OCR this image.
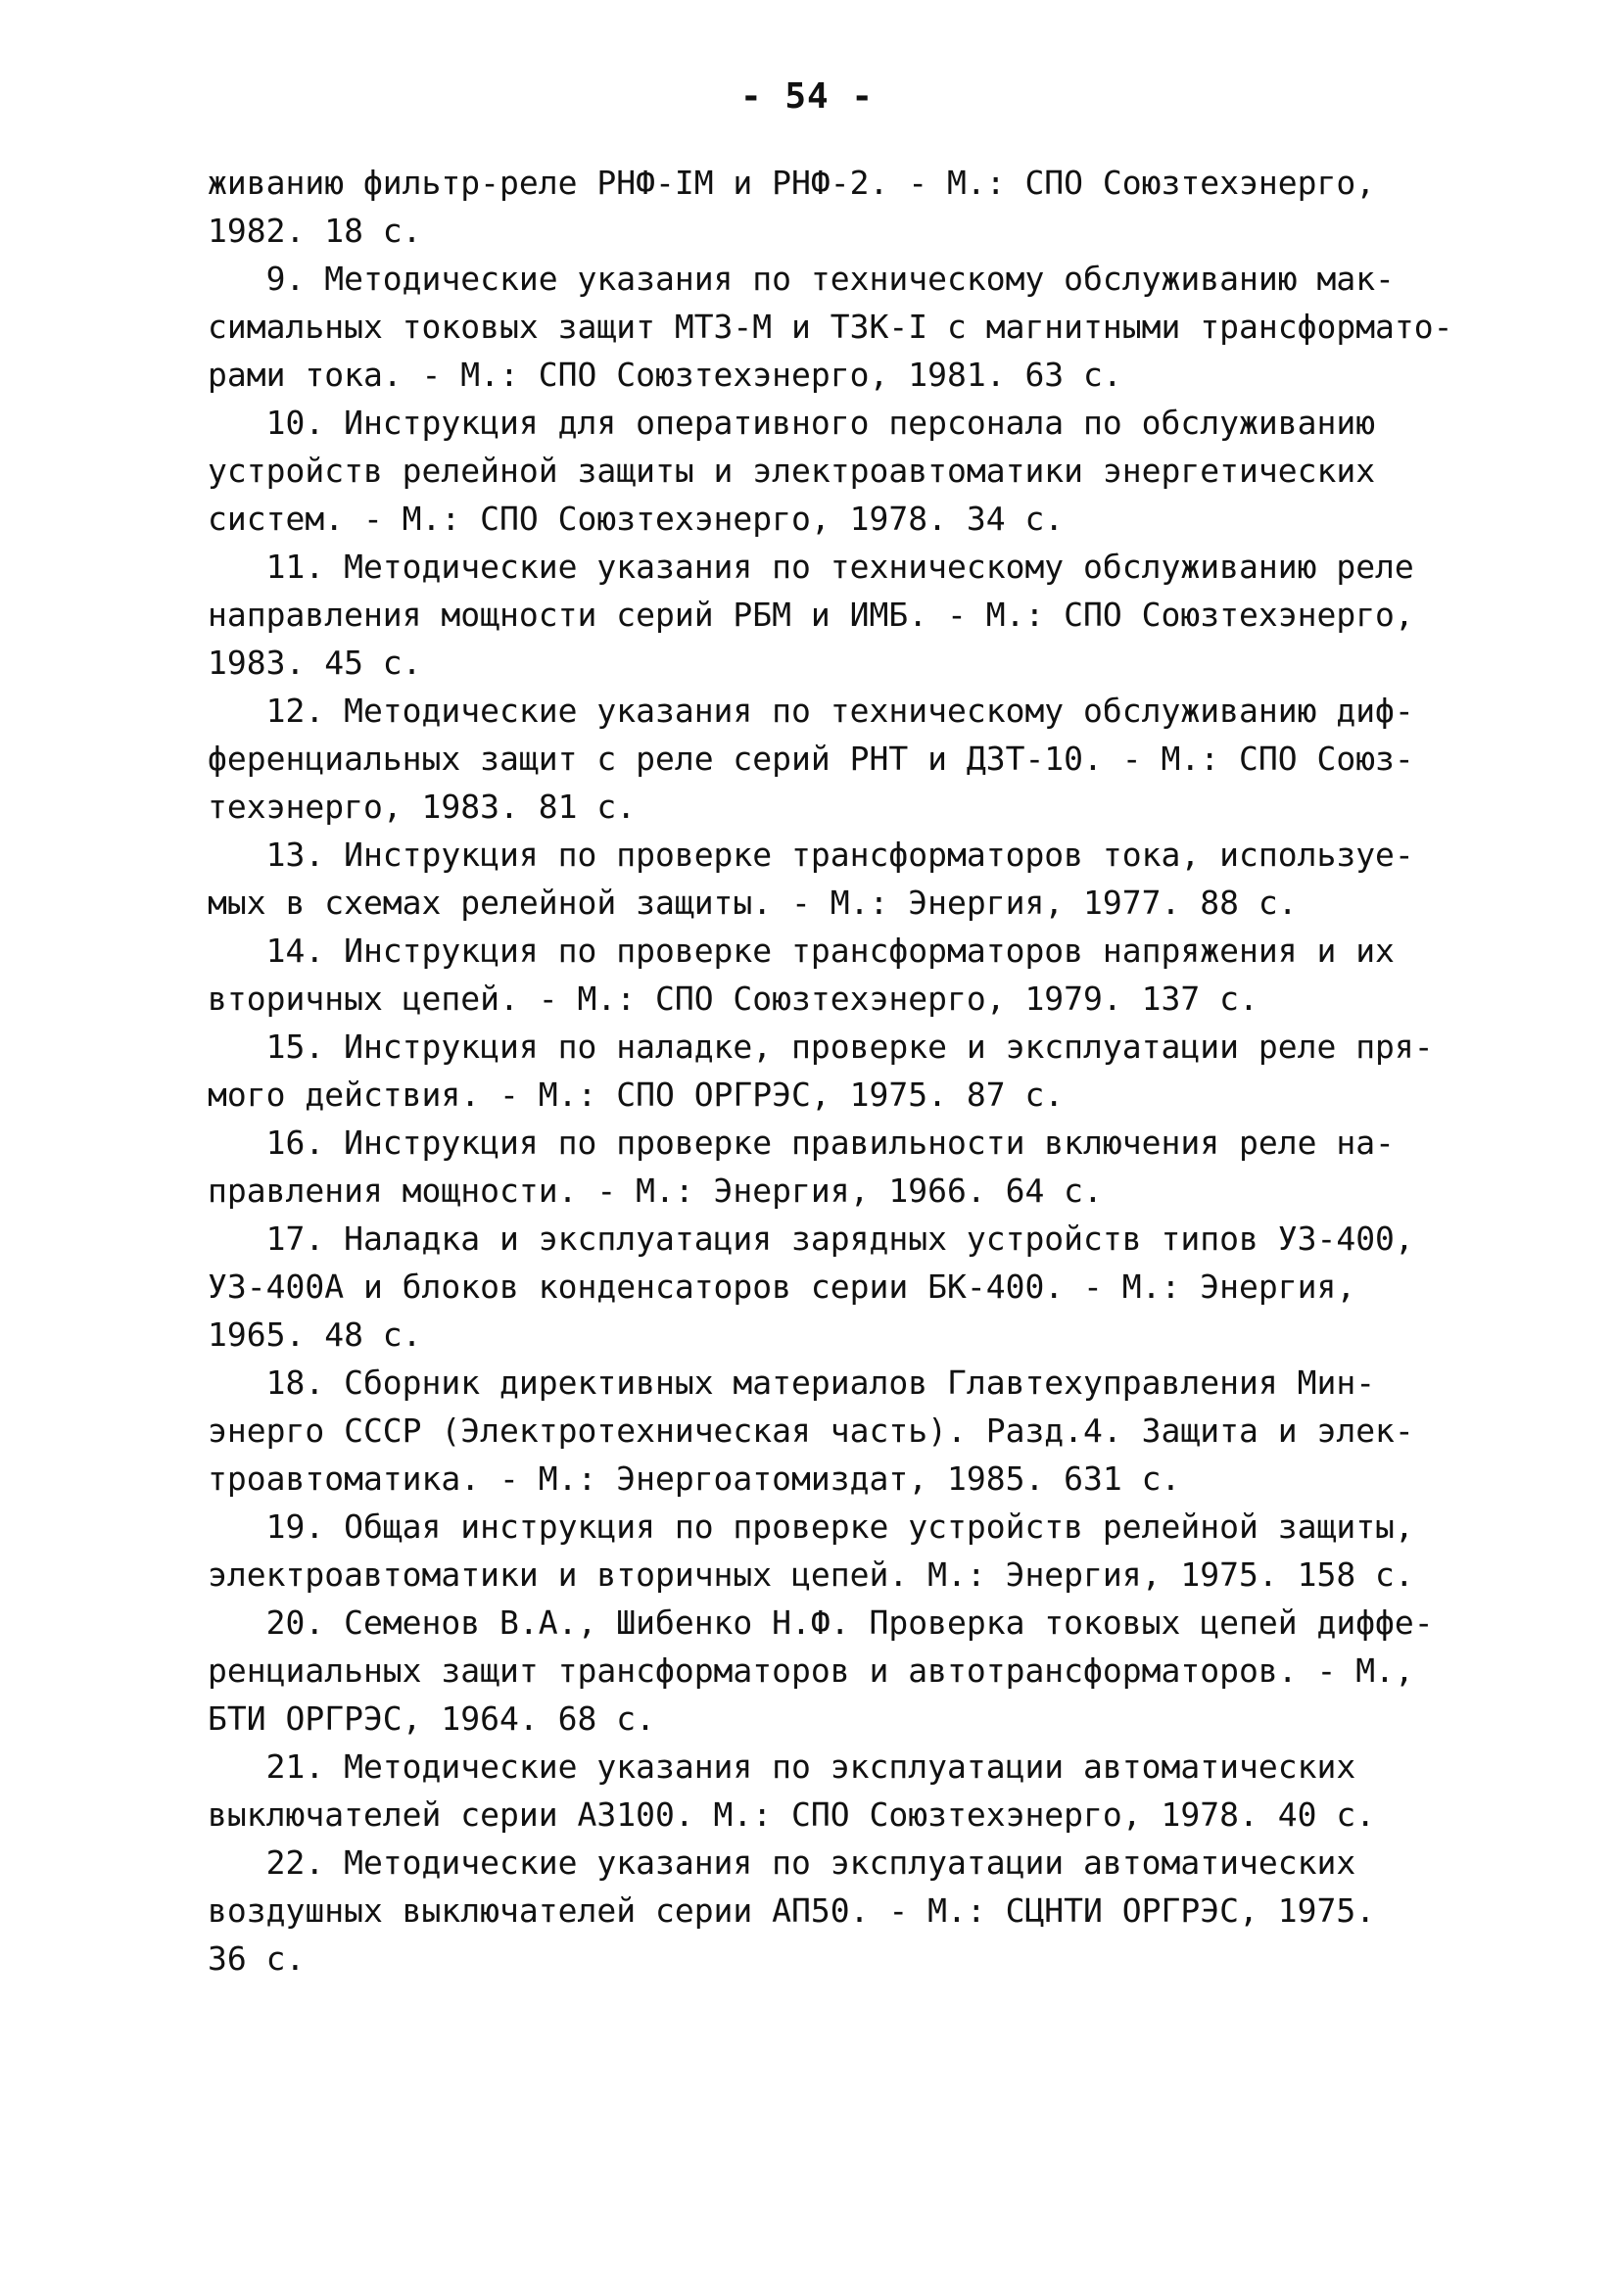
- 54 -
живанию фильтр-реле РНФ-IМ и РНФ-2. - М.: СПО Союзтехэнерго,
1982. 18 с.
9. Методические указания по техническому обслуживанию мак-
симальных токовых защит МТЗ-М и ТЗК-I с магнитными трансформато-
рами тока. - М.: СПО Союзтехэнерго, 1981. 63 с.
10. Инструкция для оперативного персонала по обслуживанию
устройств релейной защиты и электроавтоматики энергетических
систем. - М.: СПО Союзтехэнерго, 1978. 34 с.
11. Методические указания по техническому обслуживанию реле
направления мощности серий РБМ и ИМБ. - М.: СПО Союзтехэнерго,
1983. 45 с.
12. Методические указания по техническому обслуживанию диф-
ференциальных защит с реле серий РНТ и ДЗТ-10. - М.: СПО Союз-
техэнерго, 1983. 81 с.
13. Инструкция по проверке трансформаторов тока, используе-
мых в схемах релейной защиты. - М.: Энергия, 1977. 88 с.
14. Инструкция по проверке трансформаторов напряжения и их
вторичных цепей. - М.: СПО Союзтехэнерго, 1979. 137 с.
15. Инструкция по наладке, проверке и эксплуатации реле пря-
мого действия. - М.: СПО ОРГРЭС, 1975. 87 с.
16. Инструкция по проверке правильности включения реле на-
правления мощности. - М.: Энергия, 1966. 64 с.
17. Наладка и эксплуатация зарядных устройств типов УЗ-400,
УЗ-400А и блоков конденсаторов серии БК-400. - М.: Энергия,
1965. 48 с.
18. Сборник директивных материалов Главтехуправления Мин-
энерго СССР (Электротехническая часть). Разд.4. Защита и элек-
троавтоматика. - М.: Энергоатомиздат, 1985. 631 с.
19. Общая инструкция по проверке устройств релейной защиты,
электроавтоматики и вторичных цепей. М.: Энергия, 1975. 158 с.
20. Семенов В.А., Шибенко Н.Ф. Проверка токовых цепей диффе-
ренциальных защит трансформаторов и автотрансформаторов. - М.,
БТИ ОРГРЭС, 1964. 68 с.
21. Методические указания по эксплуатации автоматических
выключателей серии А3100. М.: СПО Союзтехэнерго, 1978. 40 с.
22. Методические указания по эксплуатации автоматических
воздушных выключателей серии АП50. - М.: СЦНТИ ОРГРЭС, 1975.
36 с.
